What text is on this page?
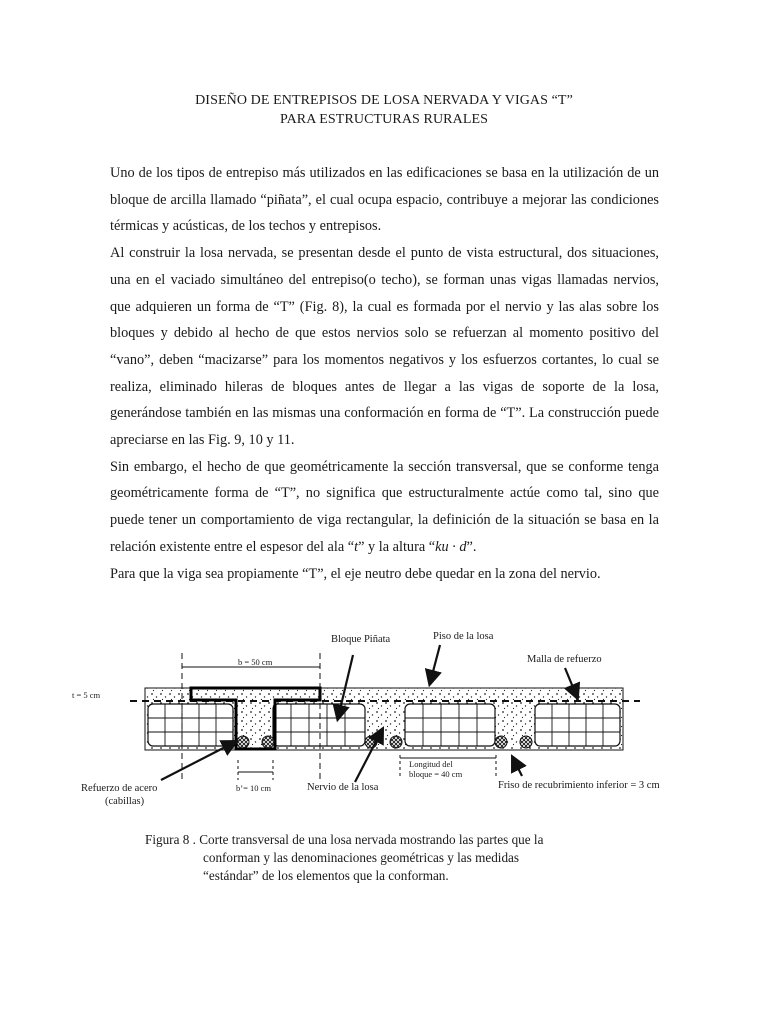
DISEÑO DE ENTREPISOS DE LOSA NERVADA Y VIGAS “T”
PARA ESTRUCTURAS RURALES

Uno de los tipos de entrepiso más utilizados en las edificaciones se basa en la utilización de un bloque de arcilla llamado “piñata”, el cual ocupa espacio, contribuye a mejorar las condiciones térmicas y acústicas, de los techos y entrepisos.

Al construir la losa nervada, se presentan desde el punto de vista estructural, dos situaciones, una en el vaciado simultáneo del entrepiso(o techo), se forman unas vigas llamadas nervios, que adquieren un forma de “T” (Fig. 8), la cual es formada por el nervio y las alas sobre los bloques y debido al hecho de que estos nervios solo se refuerzan al momento positivo del “vano”, deben “macizarse” para los momentos negativos y los esfuerzos cortantes, lo cual se realiza, eliminado hileras de bloques antes de llegar a las vigas de soporte de la losa, generándose también en las mismas una conformación en forma de “T”. La construcción puede apreciarse en las Fig. 9, 10 y 11.

Sin embargo, el hecho de que geométricamente la sección transversal, que se conforme tenga geométricamente forma de “T”, no significa que estructuralmente actúe como tal, sino que puede tener un comportamiento de viga rectangular, la definición de la situación se basa en la relación existente entre el espesor del ala “t” y la altura “ku · d”.

Para que la viga sea propiamente “T”, el eje neutro debe quedar en la zona del nervio.

Bloque Piñata	Piso de la losa
Malla de refuerzo
b = 50 cm
t = 5 cm
Longitud del
bloque = 40 cm
Refuerzo de acero
(cabillas)
b’= 10 cm	Nervio de la losa	Friso de recubrimiento inferior = 3 cm
Figura 8 . Corte transversal de una losa nervada mostrando las partes que la
conforman y las denominaciones geométricas y las medidas
“estándar” de los elementos que la conforman.
